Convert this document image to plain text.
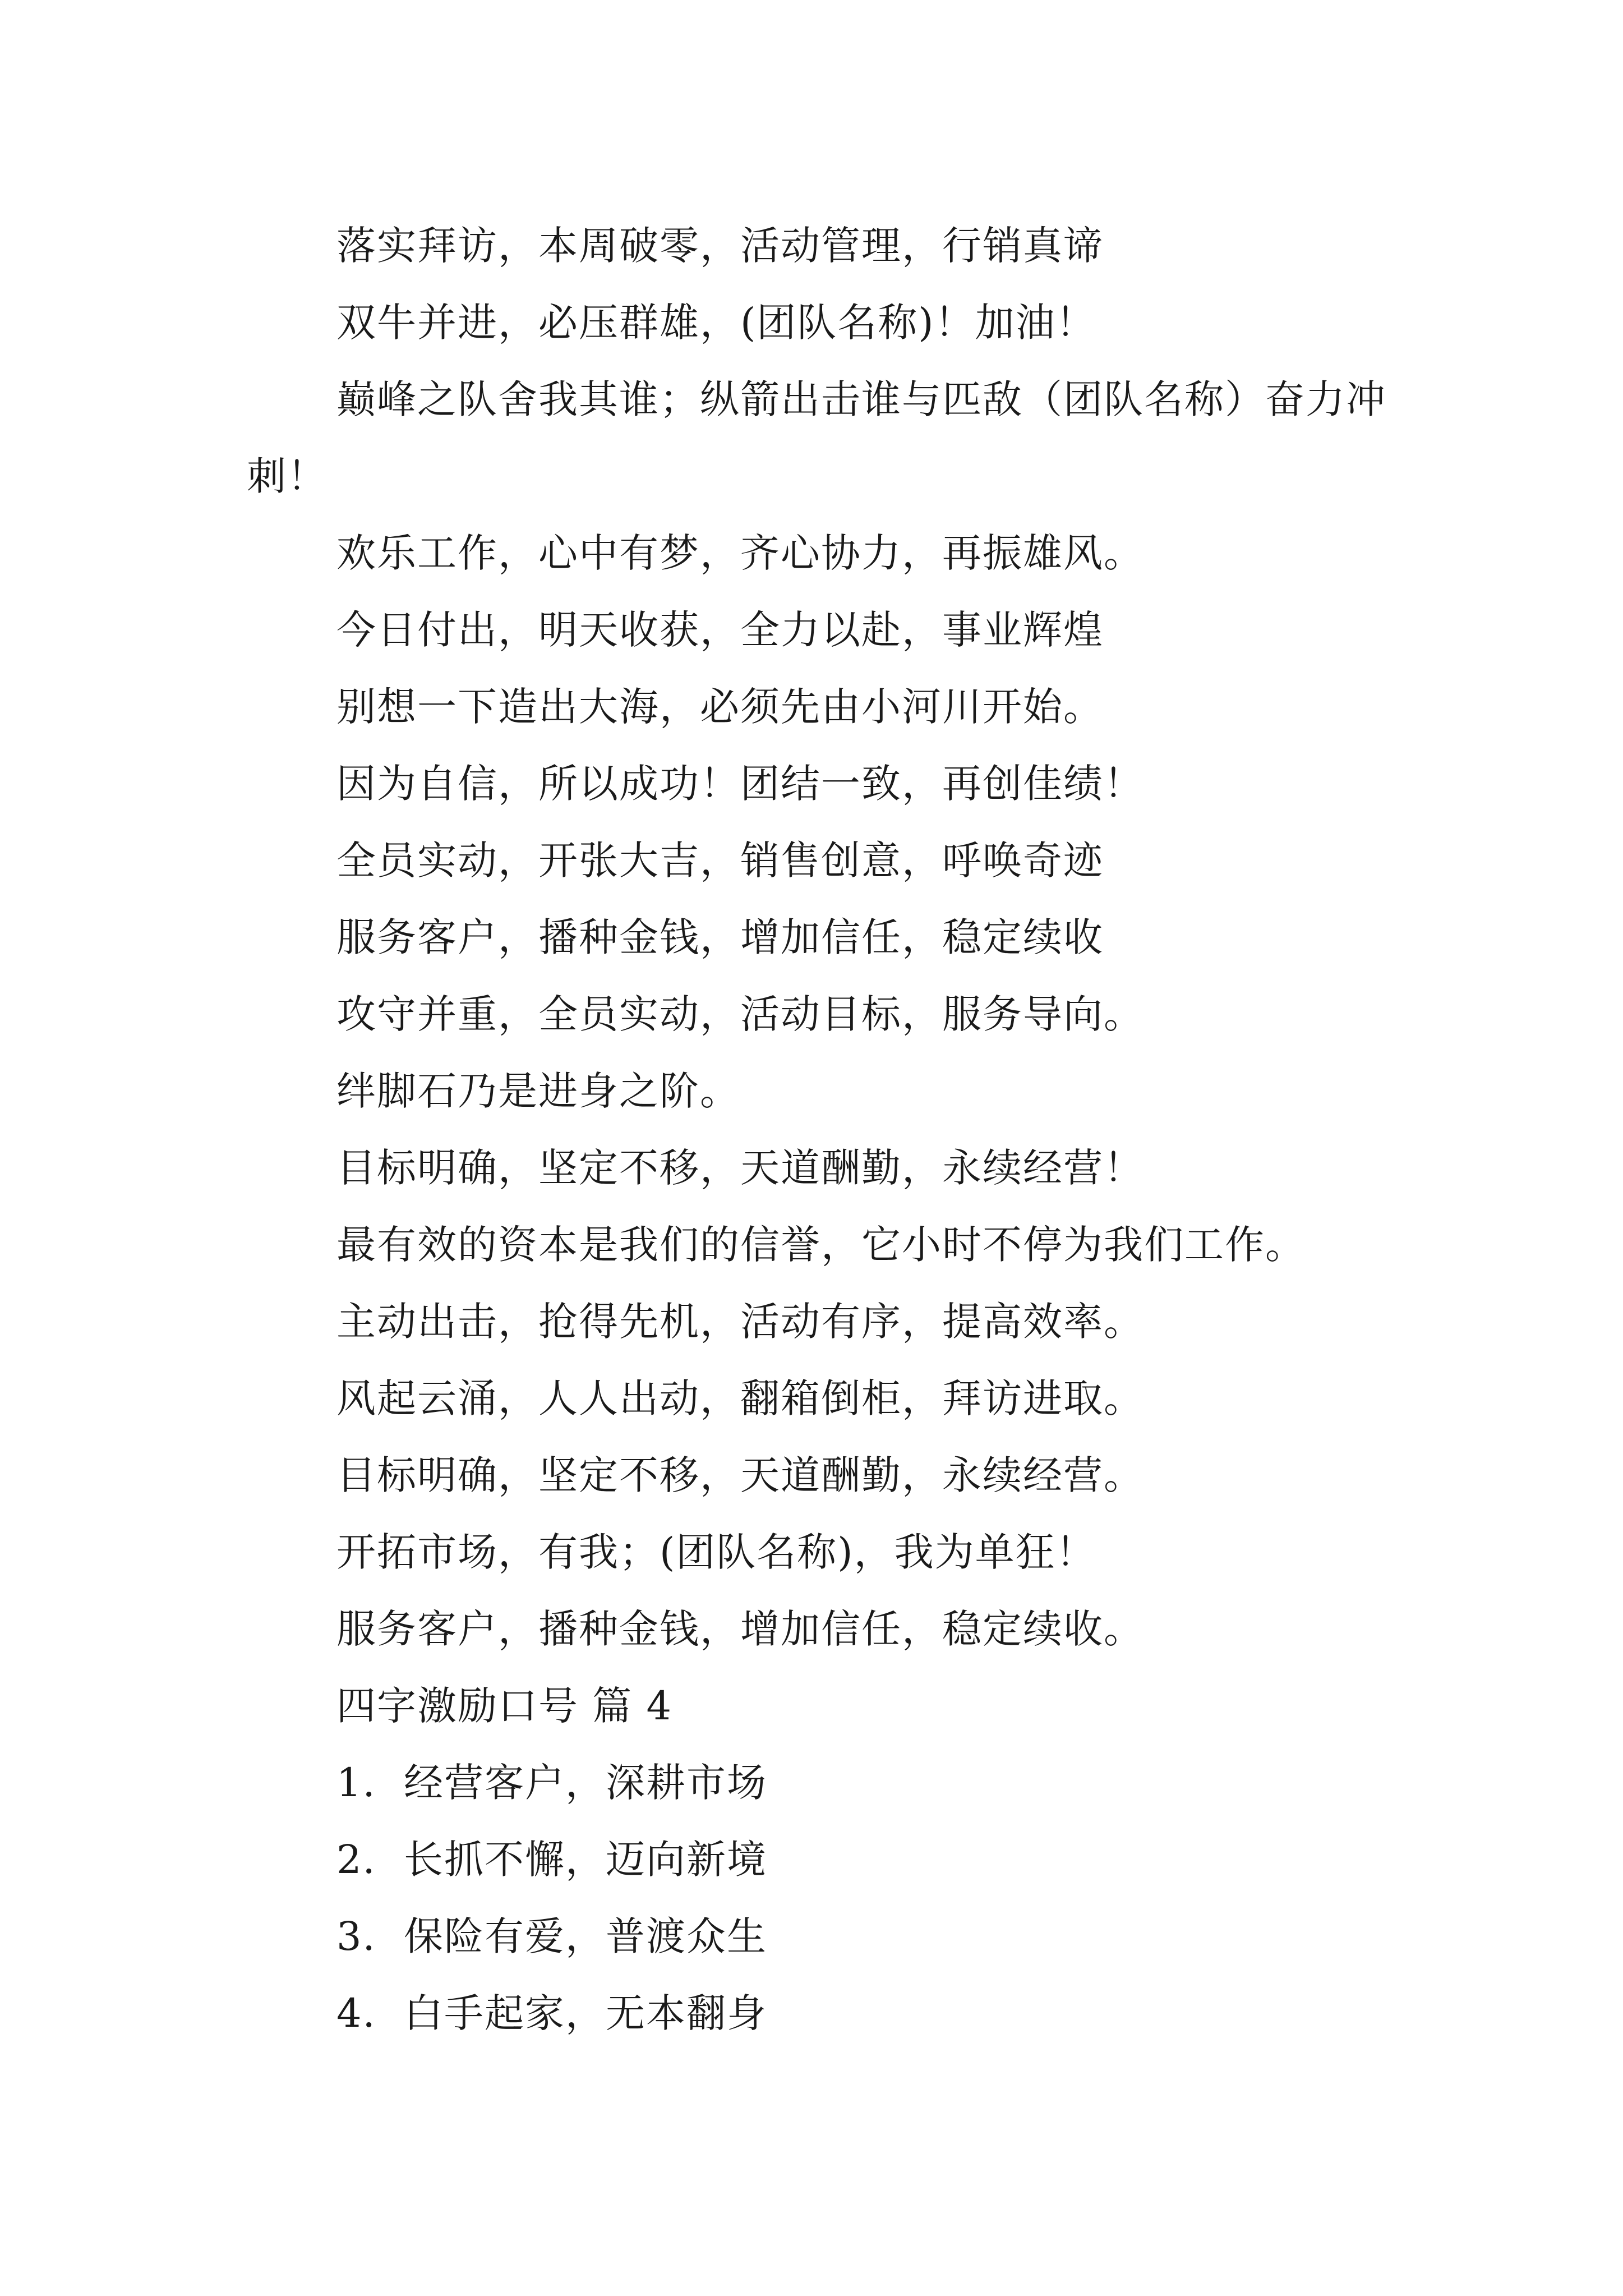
落实拜访，本周破零，活动管理，行销真谛
双牛并进，必压群雄，(团队名称)！加油！
巅峰之队舍我其谁；纵箭出击谁与匹敌（团队名称）奋力冲刺！
欢乐工作，心中有梦，齐心协力，再振雄风。
今日付出，明天收获，全力以赴，事业辉煌
别想一下造出大海，必须先由小河川开始。
因为自信，所以成功！团结一致，再创佳绩！
全员实动，开张大吉，销售创意，呼唤奇迹
服务客户，播种金钱，增加信任，稳定续收
攻守并重，全员实动，活动目标，服务导向。
绊脚石乃是进身之阶。
目标明确，坚定不移，天道酬勤，永续经营！
最有效的资本是我们的信誉，它小时不停为我们工作。
主动出击，抢得先机，活动有序，提高效率。
风起云涌，人人出动，翻箱倒柜，拜访进取。
目标明确，坚定不移，天道酬勤，永续经营。
开拓市场，有我；(团队名称)，我为单狂！
服务客户，播种金钱，增加信任，稳定续收。
四字激励口号 篇 4
1. 经营客户，深耕市场
2. 长抓不懈，迈向新境
3. 保险有爱，普渡众生
4. 白手起家，无本翻身
